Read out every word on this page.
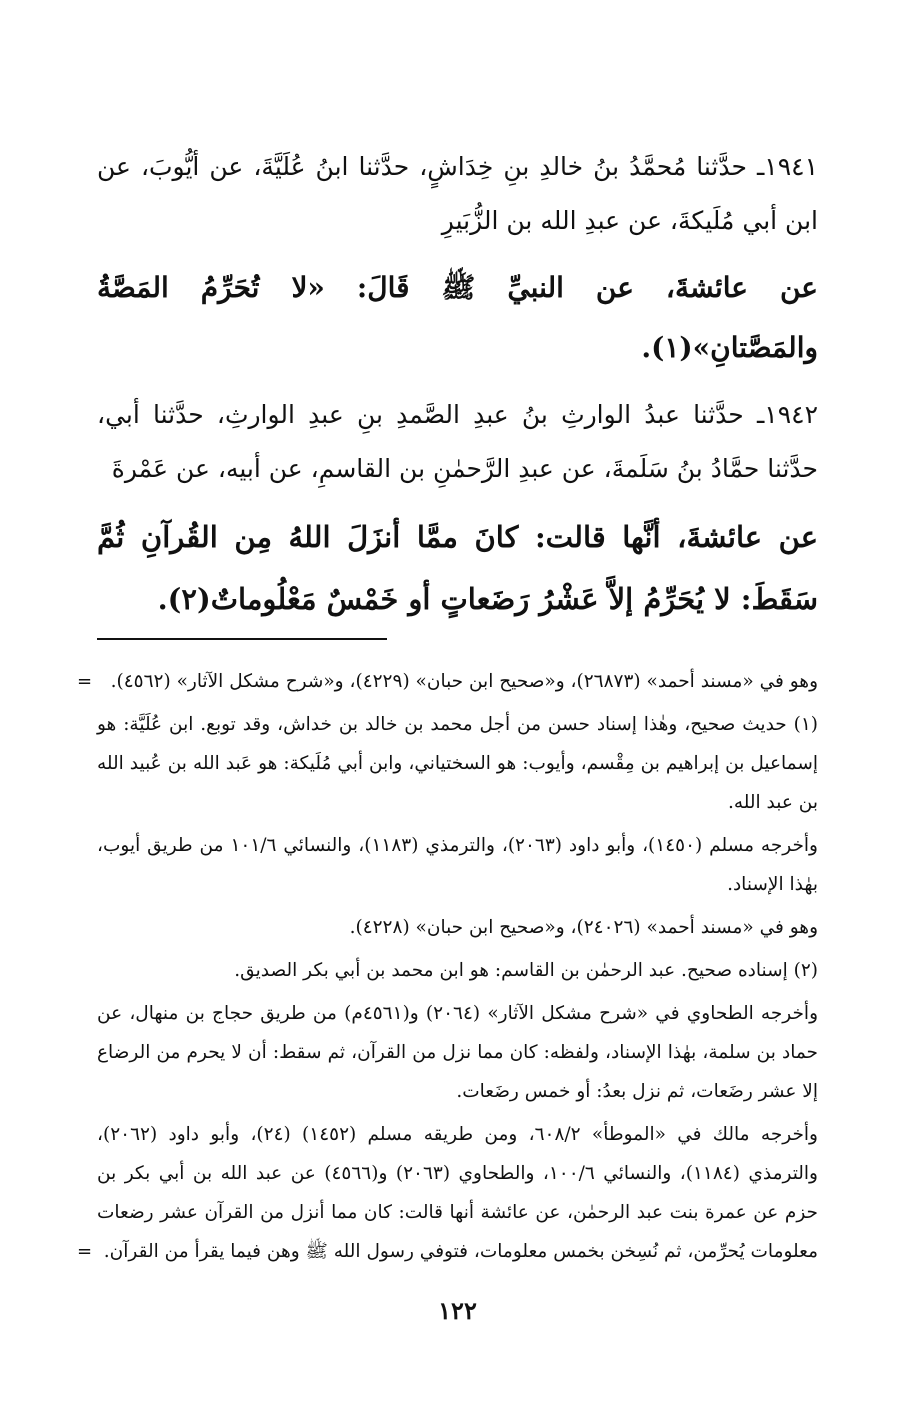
١٩٤١ـ حدَّثنا مُحمَّدُ بنُ خالدِ بنِ خِدَاشٍ، حدَّثنا ابنُ عُلَيَّةَ، عن أيُّوبَ، عن ابن أبي مُلَيكةَ، عن عبدِ الله بن الزُّبَيرِ

عن عائشةَ، عن النبيِّ ﷺ قَالَ: «لا تُحَرِّمُ المَصَّةُ والمَصَّتانِ»(١).

١٩٤٢ـ حدَّثنا عبدُ الوارثِ بنُ عبدِ الصَّمدِ بنِ عبدِ الوارثِ، حدَّثنا أبي، حدَّثنا حمَّادُ بنُ سَلَمةَ، عن عبدِ الرَّحمٰنِ بن القاسمِ، عن أبيه، عن عَمْرةَ

عن عائشةَ، أنَّها قالت: كانَ ممَّا أنزَلَ اللهُ مِن القُرآنِ ثُمَّ سَقَطَ: لا يُحَرِّمُ إلاَّ عَشْرُ رَضَعاتٍ أو خَمْسٌ مَعْلُوماتٌ(٢).

= وهو في «مسند أحمد» (٢٦٨٧٣)، و«صحيح ابن حبان» (٤٢٢٩)، و«شرح مشكل الآثار» (٤٥٦٢).

(١) حديث صحيح، وهٰذا إسناد حسن من أجل محمد بن خالد بن خداش، وقد توبع. ابن عُلَيَّة: هو إسماعيل بن إبراهيم بن مِقْسم، وأيوب: هو السختياني، وابن أبي مُلَيكة: هو عَبد الله بن عُبيد الله بن عبد الله.

وأخرجه مسلم (١٤٥٠)، وأبو داود (٢٠٦٣)، والترمذي (١١٨٣)، والنسائي ١٠١/٦ من طريق أيوب، بهٰذا الإسناد.

وهو في «مسند أحمد» (٢٤٠٢٦)، و«صحيح ابن حبان» (٤٢٢٨).

(٢) إسناده صحيح. عبد الرحمٰن بن القاسم: هو ابن محمد بن أبي بكر الصديق.

وأخرجه الطحاوي في «شرح مشكل الآثار» (٢٠٦٤) و(٤٥٦١م) من طريق حجاج بن منهال، عن حماد بن سلمة، بهٰذا الإسناد، ولفظه: كان مما نزل من القرآن، ثم سقط: أن لا يحرم من الرضاع إلا عشر رضَعات، ثم نزل بعدُ: أو خمس رضَعات.

وأخرجه مالك في «الموطأ» ٦٠٨/٢، ومن طريقه مسلم (١٤٥٢) (٢٤)، وأبو داود (٢٠٦٢)، والترمذي (١١٨٤)، والنسائي ١٠٠/٦، والطحاوي (٢٠٦٣) و(٤٥٦٦) عن عبد الله بن أبي بكر بن حزم عن عمرة بنت عبد الرحمٰن، عن عائشة أنها قالت: كان مما أنزل من القرآن عشر رضعات معلومات يُحرِّمن، ثم نُسِخن بخمس معلومات، فتوفي رسول الله ﷺ وهن فيما يقرأ من القرآن.
=

١٢٢
